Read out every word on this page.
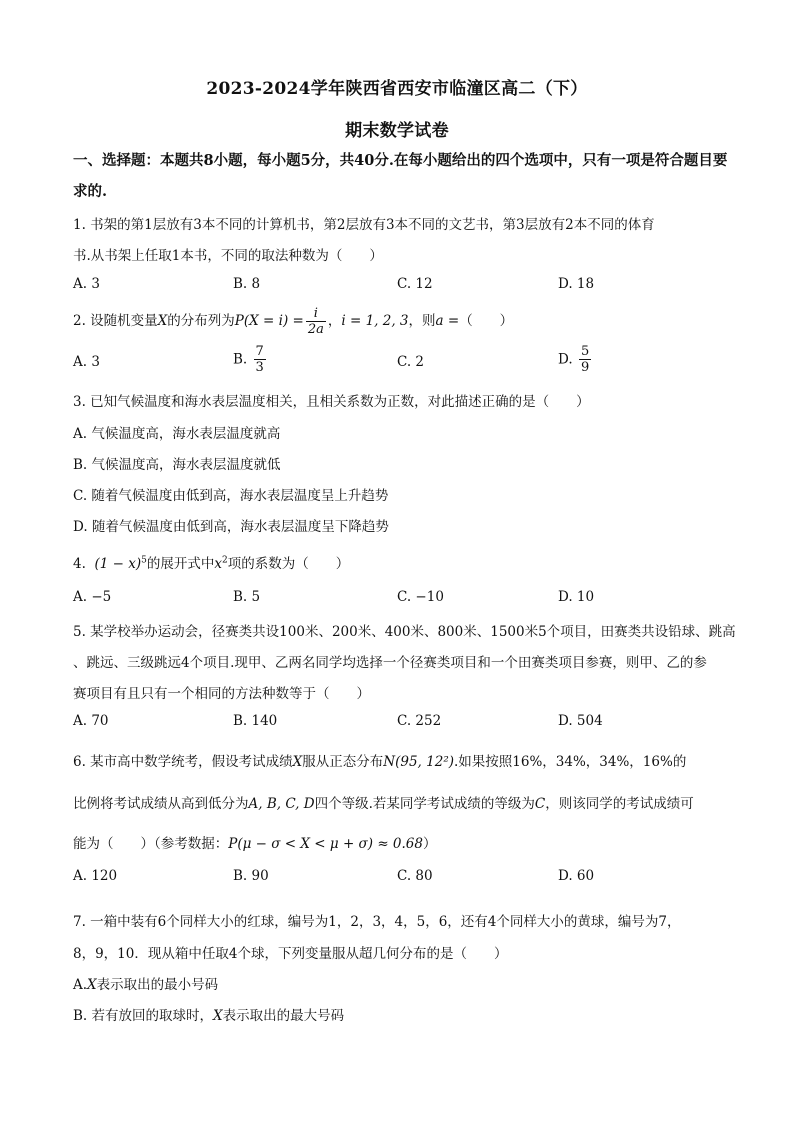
2023-2024学年陕西省西安市临潼区高二（下）
期末数学试卷
一、选择题：本题共8小题，每小题5分，共40分.在每小题给出的四个选项中，只有一项是符合题目要求的.
1. 书架的第1层放有3本不同的计算机书，第2层放有3本不同的文艺书，第3层放有2本不同的体育
书.从书架上任取1本书，不同的取法种数为（　　）
A. 3	B. 8	C. 12	D. 18
2. 设随机变量X的分布列为$P(X = i) = \frac{i}{2a}$ ，i = 1, 2, 3，则a =（　　）
A. 3	B. $\frac{7}{3}$	C. 2	D. $\frac{5}{9}$
3. 已知气候温度和海水表层温度相关，且相关系数为正数，对此描述正确的是（　　）
A. 气候温度高，海水表层温度就高
B. 气候温度高，海水表层温度就低
C. 随着气候温度由低到高，海水表层温度呈上升趋势
D. 随着气候温度由低到高，海水表层温度呈下降趋势
4. $(1 - x)^5$的展开式中$x^2$项的系数为（　　）
A. −5	B. 5	C. −10	D. 10
5. 某学校举办运动会，径赛类共设100米、200米、400米、800米、1500米5个项目，田赛类共设铅球、跳高
、跳远、三级跳远4个项目.现甲、乙两名同学均选择一个径赛类项目和一个田赛类项目参赛，则甲、乙的参
赛项目有且只有一个相同的方法种数等于（　　）
A. 70	B. 140	C. 252	D. 504
6. 某市高中数学统考，假设考试成绩X服从正态分布N(95, 12²).如果按照16%，34%，34%，16%的
比例将考试成绩从高到低分为A, B, C, D四个等级.若某同学考试成绩的等级为C，则该同学的考试成绩可
能为（　　）（参考数据：P(μ − σ < X < μ + σ) ≈ 0.68）
A. 120	B. 90	C. 80	D. 60
7. 一箱中装有6个同样大小的红球，编号为1，2，3，4，5，6，还有4个同样大小的黄球，编号为7，
8，9，10．现从箱中任取4个球，下列变量服从超几何分布的是（　　）
A.X表示取出的最小号码
B. 若有放回的取球时，X表示取出的最大号码
